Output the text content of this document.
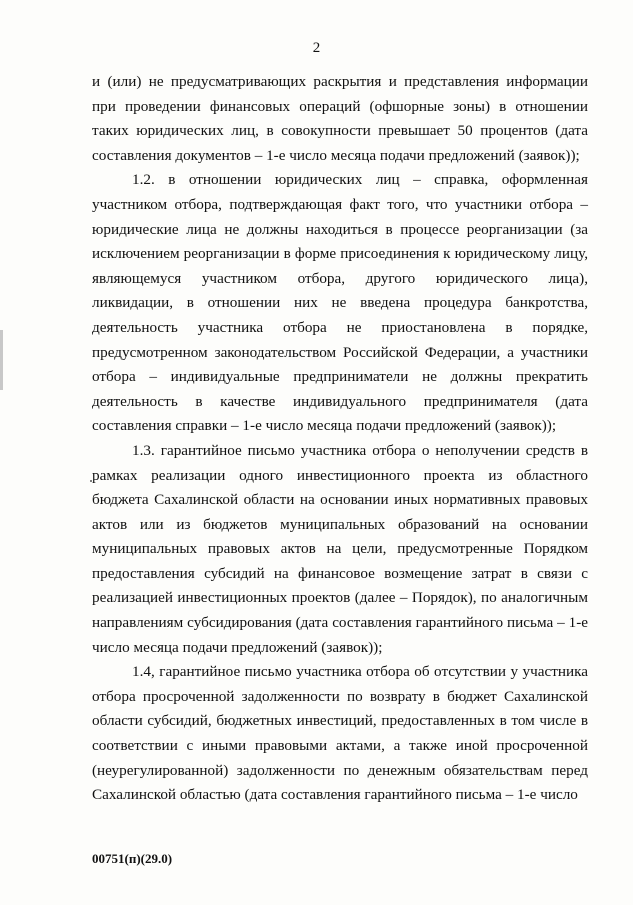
2

и (или) не предусматривающих раскрытия и представления информации при проведении финансовых операций (офшорные зоны) в отношении таких юридических лиц, в совокупности превышает 50 процентов (дата составления документов – 1-е число месяца подачи предложений (заявок));

1.2. в отношении юридических лиц – справка, оформленная участником отбора, подтверждающая факт того, что участники отбора – юридические лица не должны находиться в процессе реорганизации (за исключением реорганизации в форме присоединения к юридическому лицу, являющемуся участником отбора, другого юридического лица), ликвидации, в отношении них не введена процедура банкротства, деятельность участника отбора не приостановлена в порядке, предусмотренном законодательством Российской Федерации, а участники отбора – индивидуальные предприниматели не должны прекратить деятельность в качестве индивидуального предпринимателя (дата составления справки – 1-е число месяца подачи предложений (заявок));

1.3. гарантийное письмо участника отбора о неполучении средств в рамках реализации одного инвестиционного проекта из областного бюджета Сахалинской области на основании иных нормативных правовых актов или из бюджетов муниципальных образований на основании муниципальных правовых актов на цели, предусмотренные Порядком предоставления субсидий на финансовое возмещение затрат в связи с реализацией инвестиционных проектов (далее – Порядок), по аналогичным направлениям субсидирования (дата составления гарантийного письма – 1-е число месяца подачи предложений (заявок));

1.4, гарантийное письмо участника отбора об отсутствии у участника отбора просроченной задолженности по возврату в бюджет Сахалинской области субсидий, бюджетных инвестиций, предоставленных в том числе в соответствии с иными правовыми актами, а также иной просроченной (неурегулированной) задолженности по денежным обязательствам перед Сахалинской областью (дата составления гарантийного письма – 1-е число

00751(п)(29.0)
